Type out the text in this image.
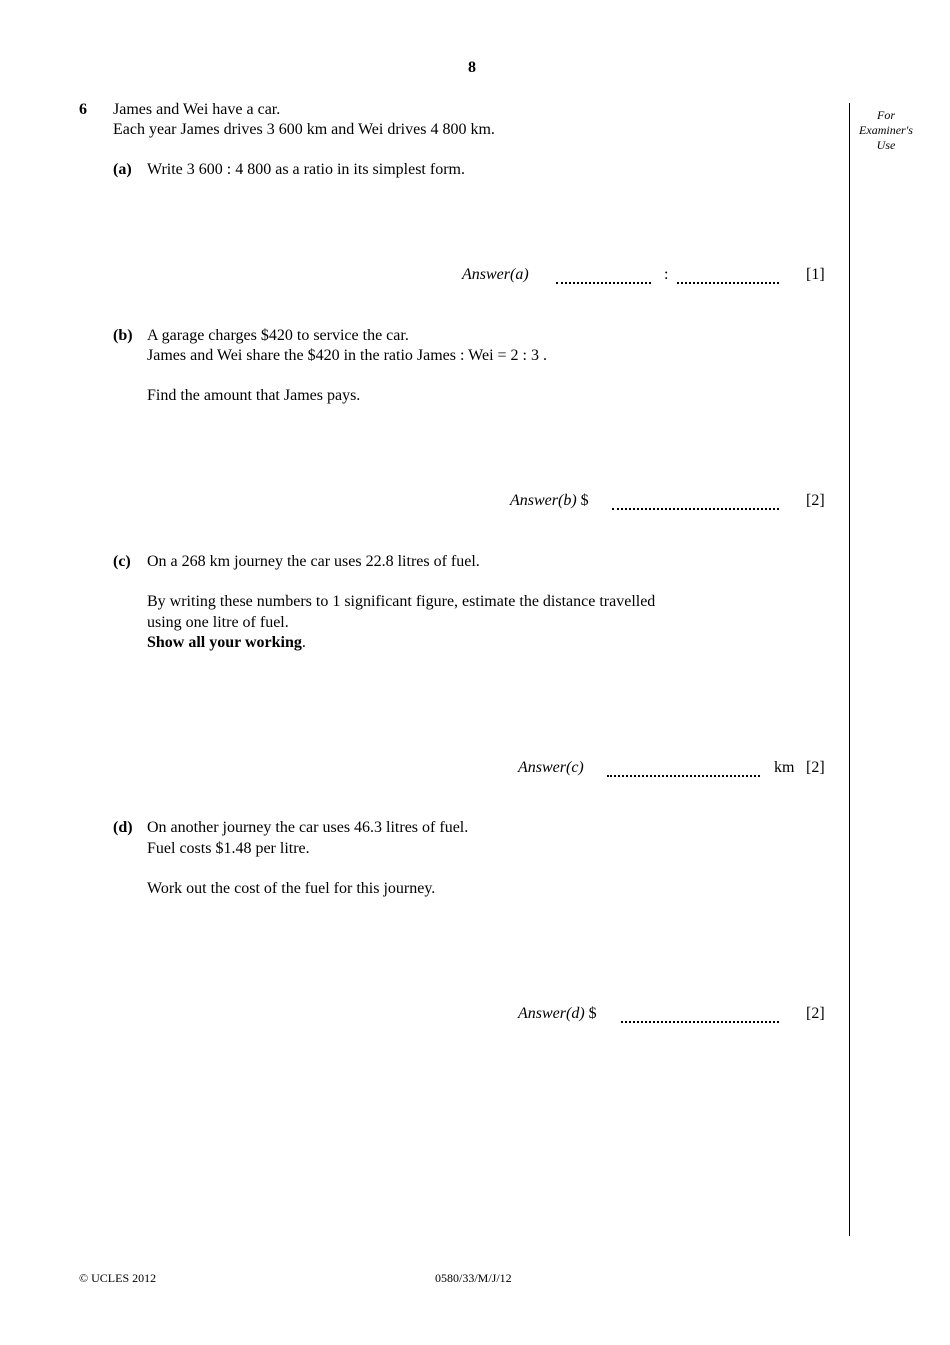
8
For
Examiner's
Use
6 James and Wei have a car.
Each year James drives 3 600 km and Wei drives 4 800 km.
(a) Write 3 600 : 4 800 as a ratio in its simplest form.
Answer(a)	:	[1]
(b) A garage charges $420 to service the car.
James and Wei share the $420 in the ratio James : Wei = 2 : 3 .
Find the amount that James pays.
Answer(b) $	[2]
(c) On a 268 km journey the car uses 22.8 litres of fuel.
By writing these numbers to 1 significant figure, estimate the distance travelled
using one litre of fuel.
Show all your working.
Answer(c)	km [2]
(d) On another journey the car uses 46.3 litres of fuel.
Fuel costs $1.48 per litre.
Work out the cost of the fuel for this journey.
Answer(d) $	[2]
© UCLES 2012	0580/33/M/J/12
